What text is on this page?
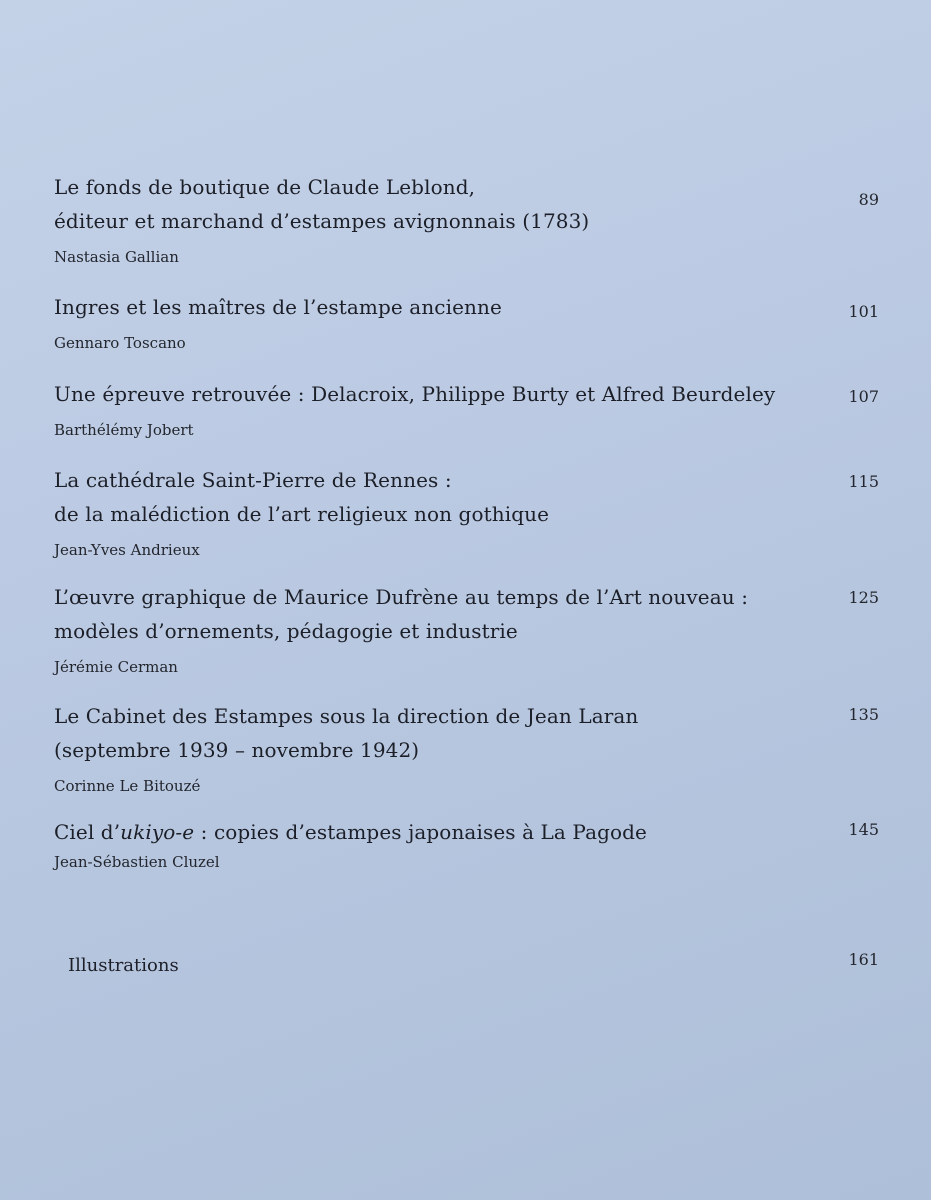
Le fonds de boutique de Claude Leblond,
éditeur et marchand d’estampes avignonnais (1783)
Nastasia Gallian
89
Ingres et les maîtres de l’estampe ancienne
Gennaro Toscano
101
Une épreuve retrouvée : Delacroix, Philippe Burty et Alfred Beurdeley
Barthélémy Jobert
107
La cathédrale Saint-Pierre de Rennes :
de la malédiction de l’art religieux non gothique
Jean-Yves Andrieux
115
L’œuvre graphique de Maurice Dufrène au temps de l’Art nouveau :
modèles d’ornements, pédagogie et industrie
Jérémie Cerman
125
Le Cabinet des Estampes sous la direction de Jean Laran
(septembre 1939 – novembre 1942)
Corinne Le Bitouzé
135
Ciel d’ukiyo-e : copies d’estampes japonaises à La Pagode
Jean-Sébastien Cluzel
145
Illustrations	161
